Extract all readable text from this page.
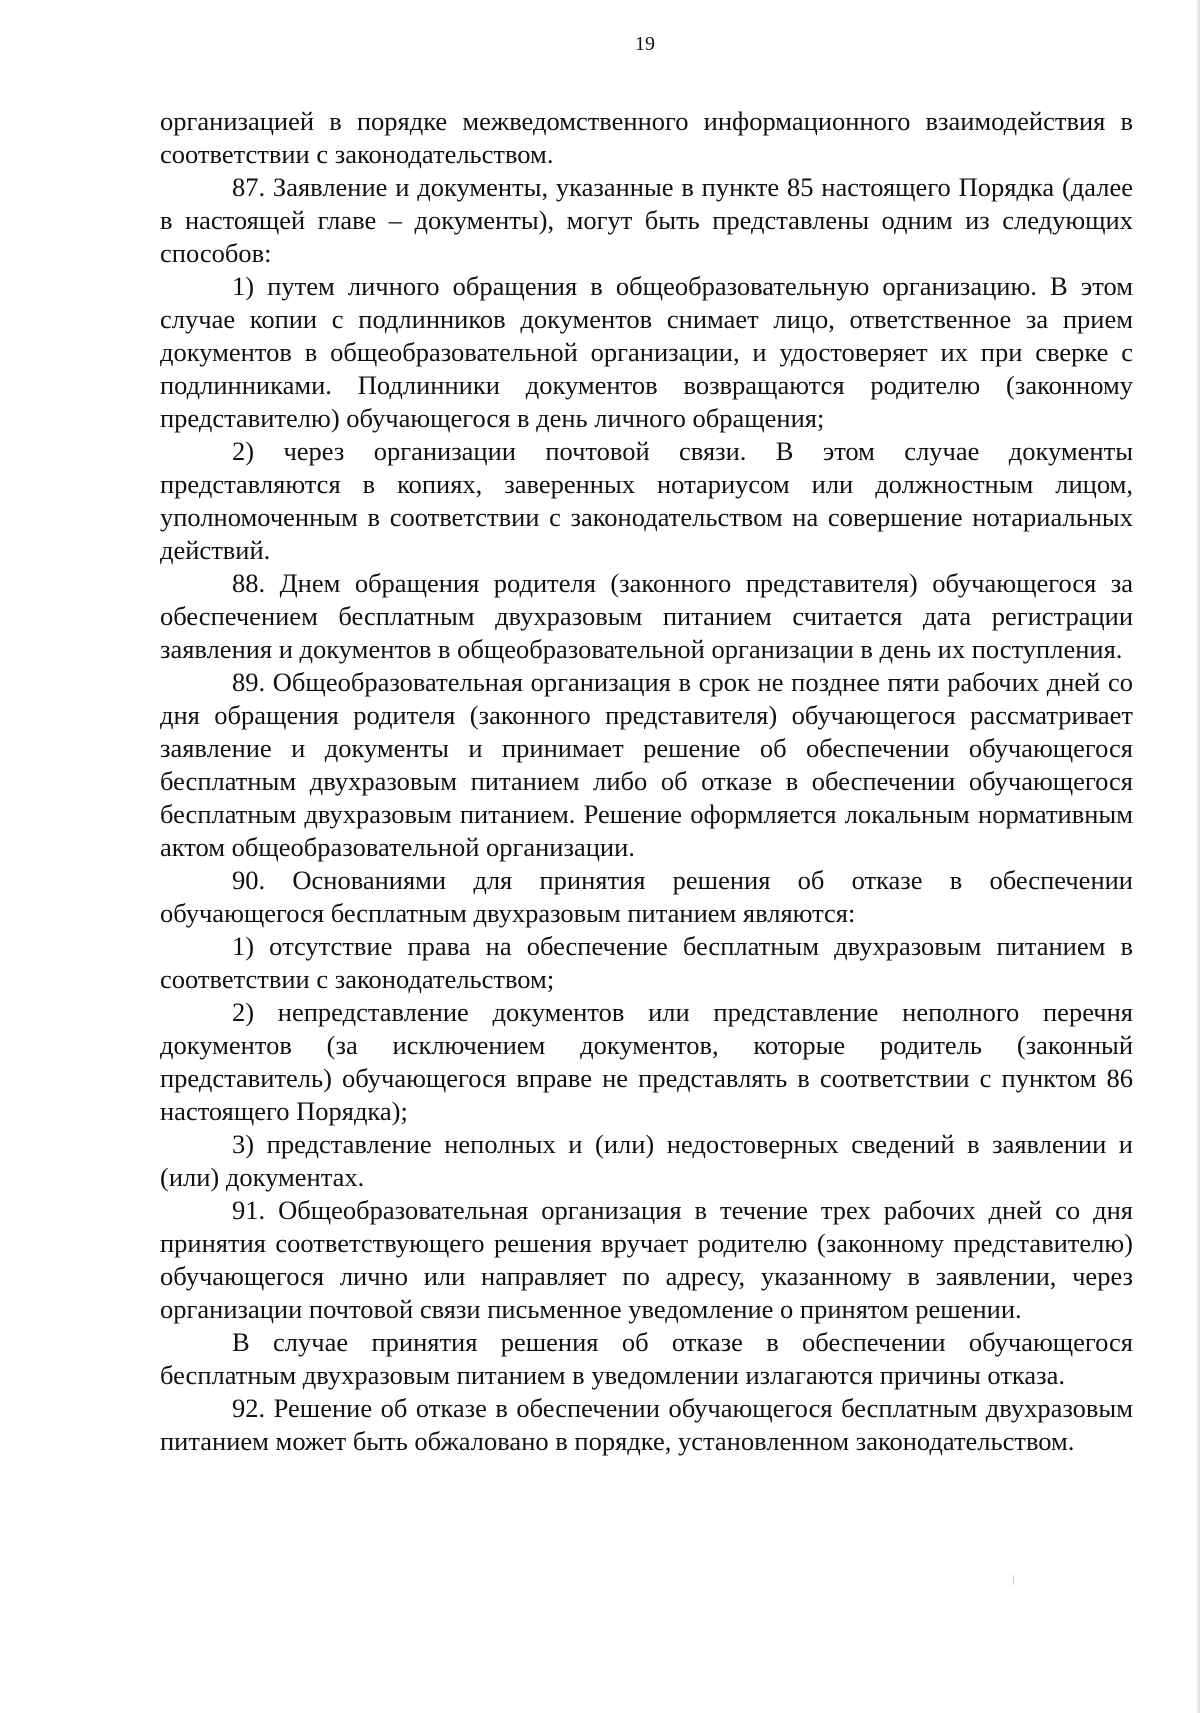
19

организацией в порядке межведомственного информационного взаимодействия в соответствии с законодательством.

87. Заявление и документы, указанные в пункте 85 настоящего Порядка (далее в настоящей главе – документы), могут быть представлены одним из следующих способов:

1) путем личного обращения в общеобразовательную организацию. В этом случае копии с подлинников документов снимает лицо, ответственное за прием документов в общеобразовательной организации, и удостоверяет их при сверке с подлинниками. Подлинники документов возвращаются родителю (законному представителю) обучающегося в день личного обращения;

2) через организации почтовой связи. В этом случае документы представляются в копиях, заверенных нотариусом или должностным лицом, уполномоченным в соответствии с законодательством на совершение нотариальных действий.

88. Днем обращения родителя (законного представителя) обучающегося за обеспечением бесплатным двухразовым питанием считается дата регистрации заявления и документов в общеобразовательной организации в день их поступления.

89. Общеобразовательная организация в срок не позднее пяти рабочих дней со дня обращения родителя (законного представителя) обучающегося рассматривает заявление и документы и принимает решение об обеспечении обучающегося бесплатным двухразовым питанием либо об отказе в обеспечении обучающегося бесплатным двухразовым питанием. Решение оформляется локальным нормативным актом общеобразовательной организации.

90. Основаниями для принятия решения об отказе в обеспечении обучающегося бесплатным двухразовым питанием являются:

1) отсутствие права на обеспечение бесплатным двухразовым питанием в соответствии с законодательством;

2) непредставление документов или представление неполного перечня документов (за исключением документов, которые родитель (законный представитель) обучающегося вправе не представлять в соответствии с пунктом 86 настоящего Порядка);

3) представление неполных и (или) недостоверных сведений в заявлении и (или) документах.

91. Общеобразовательная организация в течение трех рабочих дней со дня принятия соответствующего решения вручает родителю (законному представителю) обучающегося лично или направляет по адресу, указанному в заявлении, через организации почтовой связи письменное уведомление о принятом решении.

В случае принятия решения об отказе в обеспечении обучающегося бесплатным двухразовым питанием в уведомлении излагаются причины отказа.

92. Решение об отказе в обеспечении обучающегося бесплатным двухразовым питанием может быть обжаловано в порядке, установленном законодательством.
